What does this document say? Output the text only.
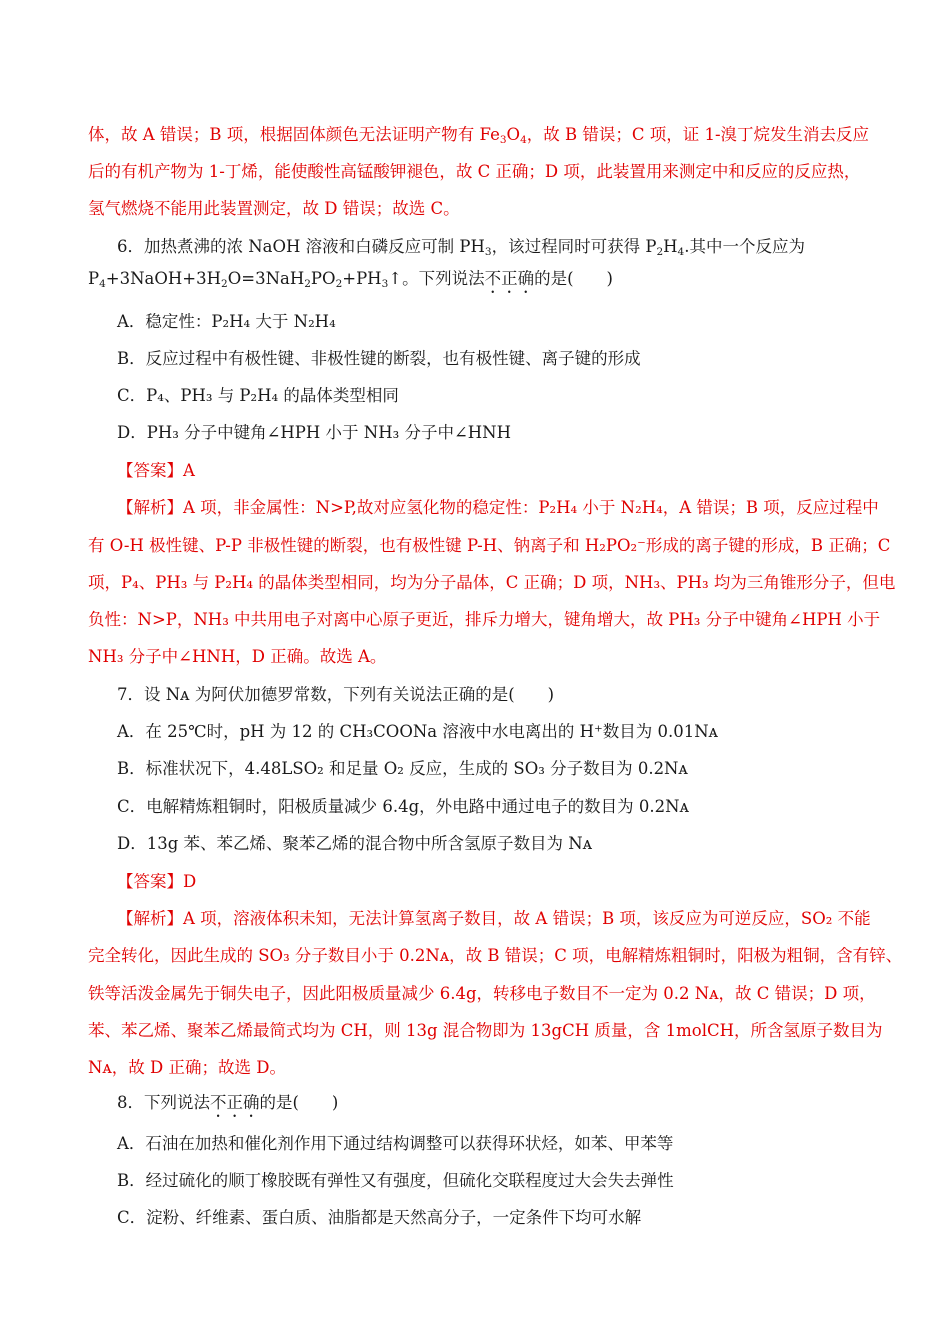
体，故 A 错误；B 项，根据固体颜色无法证明产物有 $Fe_3O_4$，故 B 错误；C 项，证 1-溴丁烷发生消去反应
后的有机产物为 1-丁烯，能使酸性高锰酸钾褪色，故 C 正确；D 项，此装置用来测定中和反应的反应热，
氢气燃烧不能用此装置测定，故 D 错误；故选 C。
6．加热煮沸的浓 NaOH 溶液和白磷反应可制 $PH_3$，该过程同时可获得 $P_2H_4$.其中一个反应为
$P_4+3NaOH+3H_2O=3NaH_2PO_2+PH_3↑$。下列说法不正确的是(　　)
A．稳定性：P₂H₄ 大于 N₂H₄
B．反应过程中有极性键、非极性键的断裂，也有极性键、离子键的形成
C．P₄、PH₃ 与 P₂H₄ 的晶体类型相同
D．PH₃ 分子中键角∠HPH 小于 NH₃ 分子中∠HNH
【答案】A
【解析】A 项，非金属性：N>P,故对应氢化物的稳定性：P₂H₄ 小于 N₂H₄，A 错误；B 项，反应过程中
有 O-H 极性键、P-P 非极性键的断裂，也有极性键 P-H、钠离子和 H₂PO₂⁻形成的离子键的形成，B 正确；C
项，P₄、PH₃ 与 P₂H₄ 的晶体类型相同，均为分子晶体，C 正确；D 项，NH₃、PH₃ 均为三角锥形分子，但电
负性：N>P，NH₃ 中共用电子对离中心原子更近，排斥力增大，键角增大，故 PH₃ 分子中键角∠HPH 小于
NH₃ 分子中∠HNH，D 正确。故选 A。
7．设 Nᴀ 为阿伏加德罗常数，下列有关说法正确的是(　　)
A．在 25℃时，pH 为 12 的 CH₃COONa 溶液中水电离出的 H⁺数目为 0.01Nᴀ
B．标准状况下，4.48LSO₂ 和足量 O₂ 反应，生成的 SO₃ 分子数目为 0.2Nᴀ
C．电解精炼粗铜时，阳极质量减少 6.4g，外电路中通过电子的数目为 0.2Nᴀ
D．13g 苯、苯乙烯、聚苯乙烯的混合物中所含氢原子数目为 Nᴀ
【答案】D
【解析】A 项，溶液体积未知，无法计算氢离子数目，故 A 错误；B 项，该反应为可逆反应，SO₂ 不能
完全转化，因此生成的 SO₃ 分子数目小于 0.2Nᴀ，故 B 错误；C 项，电解精炼粗铜时，阳极为粗铜，含有锌、
铁等活泼金属先于铜失电子，因此阳极质量减少 6.4g，转移电子数目不一定为 0.2 Nᴀ，故 C 错误；D 项，
苯、苯乙烯、聚苯乙烯最简式均为 CH，则 13g 混合物即为 13gCH 质量，含 1molCH，所含氢原子数目为
Nᴀ，故 D 正确；故选 D。
8．下列说法不正确的是(　　)
A．石油在加热和催化剂作用下通过结构调整可以获得环状烃，如苯、甲苯等
B．经过硫化的顺丁橡胶既有弹性又有强度，但硫化交联程度过大会失去弹性
C．淀粉、纤维素、蛋白质、油脂都是天然高分子，一定条件下均可水解
